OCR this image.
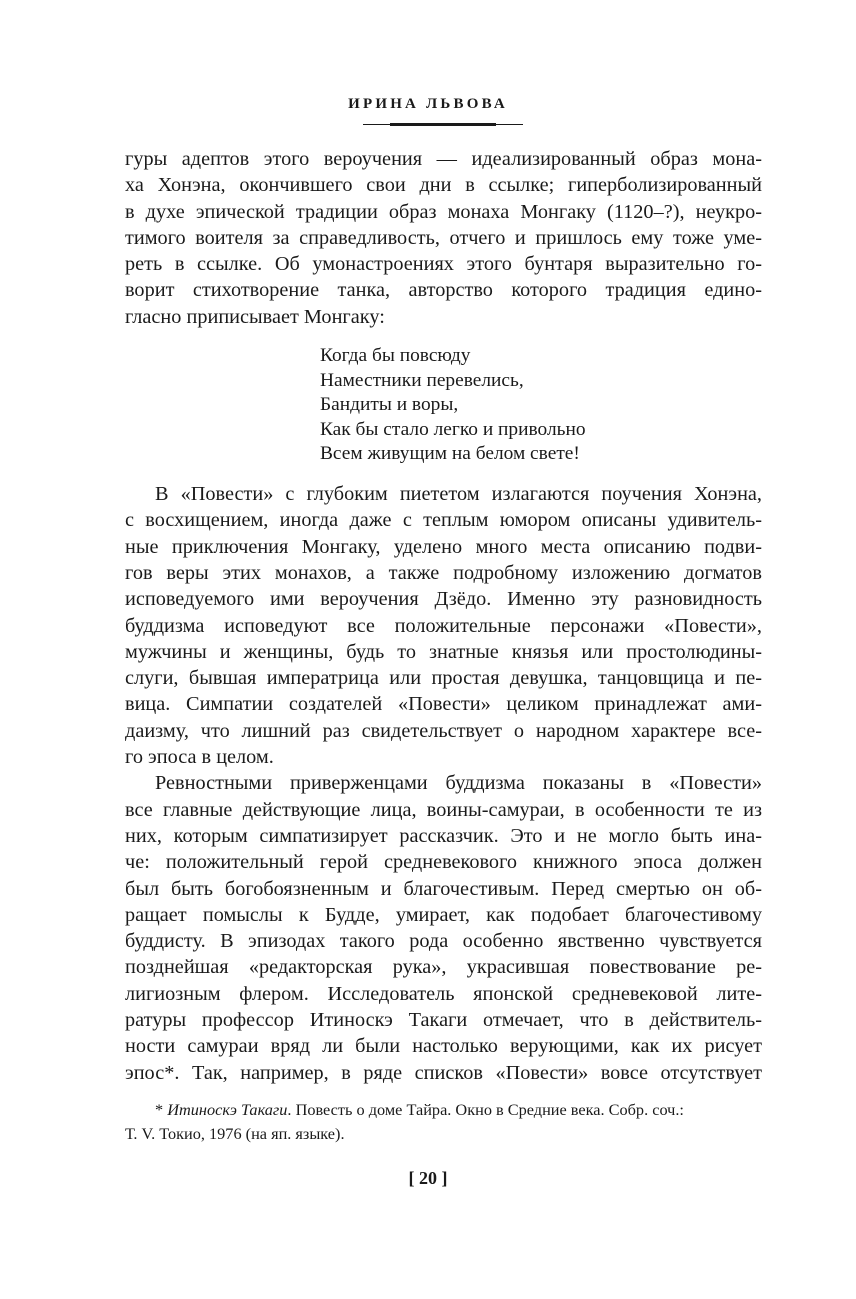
ИРИНА ЛЬВОВА

гуры адептов этого вероучения — идеализированный образ мона-

ха Хонэна, окончившего свои дни в ссылке; гиперболизированный

в духе эпической традиции образ монаха Монгаку (1120–?), неукро-

тимого воителя за справедливость, отчего и пришлось ему тоже уме-

реть в ссылке. Об умонастроениях этого бунтаря выразительно го-

ворит стихотворение танка, авторство которого традиция едино-

гласно приписывает Монгаку:

Когда бы повсюду
Наместники перевелись,
Бандиты и воры,
Как бы стало легко и привольно
Всем живущим на белом свете!

В «Повести» с глубоким пиететом излагаются поучения Хонэна,

с восхищением, иногда даже с теплым юмором описаны удивитель-

ные приключения Монгаку, уделено много места описанию подви-

гов веры этих монахов, а также подробному изложению догматов

исповедуемого ими вероучения Дзёдо. Именно эту разновидность

буддизма исповедуют все положительные персонажи «Повести»,

мужчины и женщины, будь то знатные князья или простолюдины-

слуги, бывшая императрица или простая девушка, танцовщица и пе-

вица. Симпатии создателей «Повести» целиком принадлежат ами-

даизму, что лишний раз свидетельствует о народном характере все-

го эпоса в целом.

Ревностными приверженцами буддизма показаны в «Повести»

все главные действующие лица, воины-самураи, в особенности те из

них, которым симпатизирует рассказчик. Это и не могло быть ина-

че: положительный герой средневекового книжного эпоса должен

был быть богобоязненным и благочестивым. Перед смертью он об-

ращает помыслы к Будде, умирает, как подобает благочестивому

буддисту. В эпизодах такого рода особенно явственно чувствуется

позднейшая «редакторская рука», украсившая повествование ре-

лигиозным флером. Исследователь японской средневековой лите-

ратуры профессор Итиноскэ Такаги отмечает, что в действитель-

ности самураи вряд ли были настолько верующими, как их рисует

эпос*. Так, например, в ряде списков «Повести» вовсе отсутствует

* Итиноскэ Такаги. Повесть о доме Тайра. Окно в Средние века. Собр. соч.:

Т. V. Токио, 1976 (на яп. языке).
[ 20 ]
